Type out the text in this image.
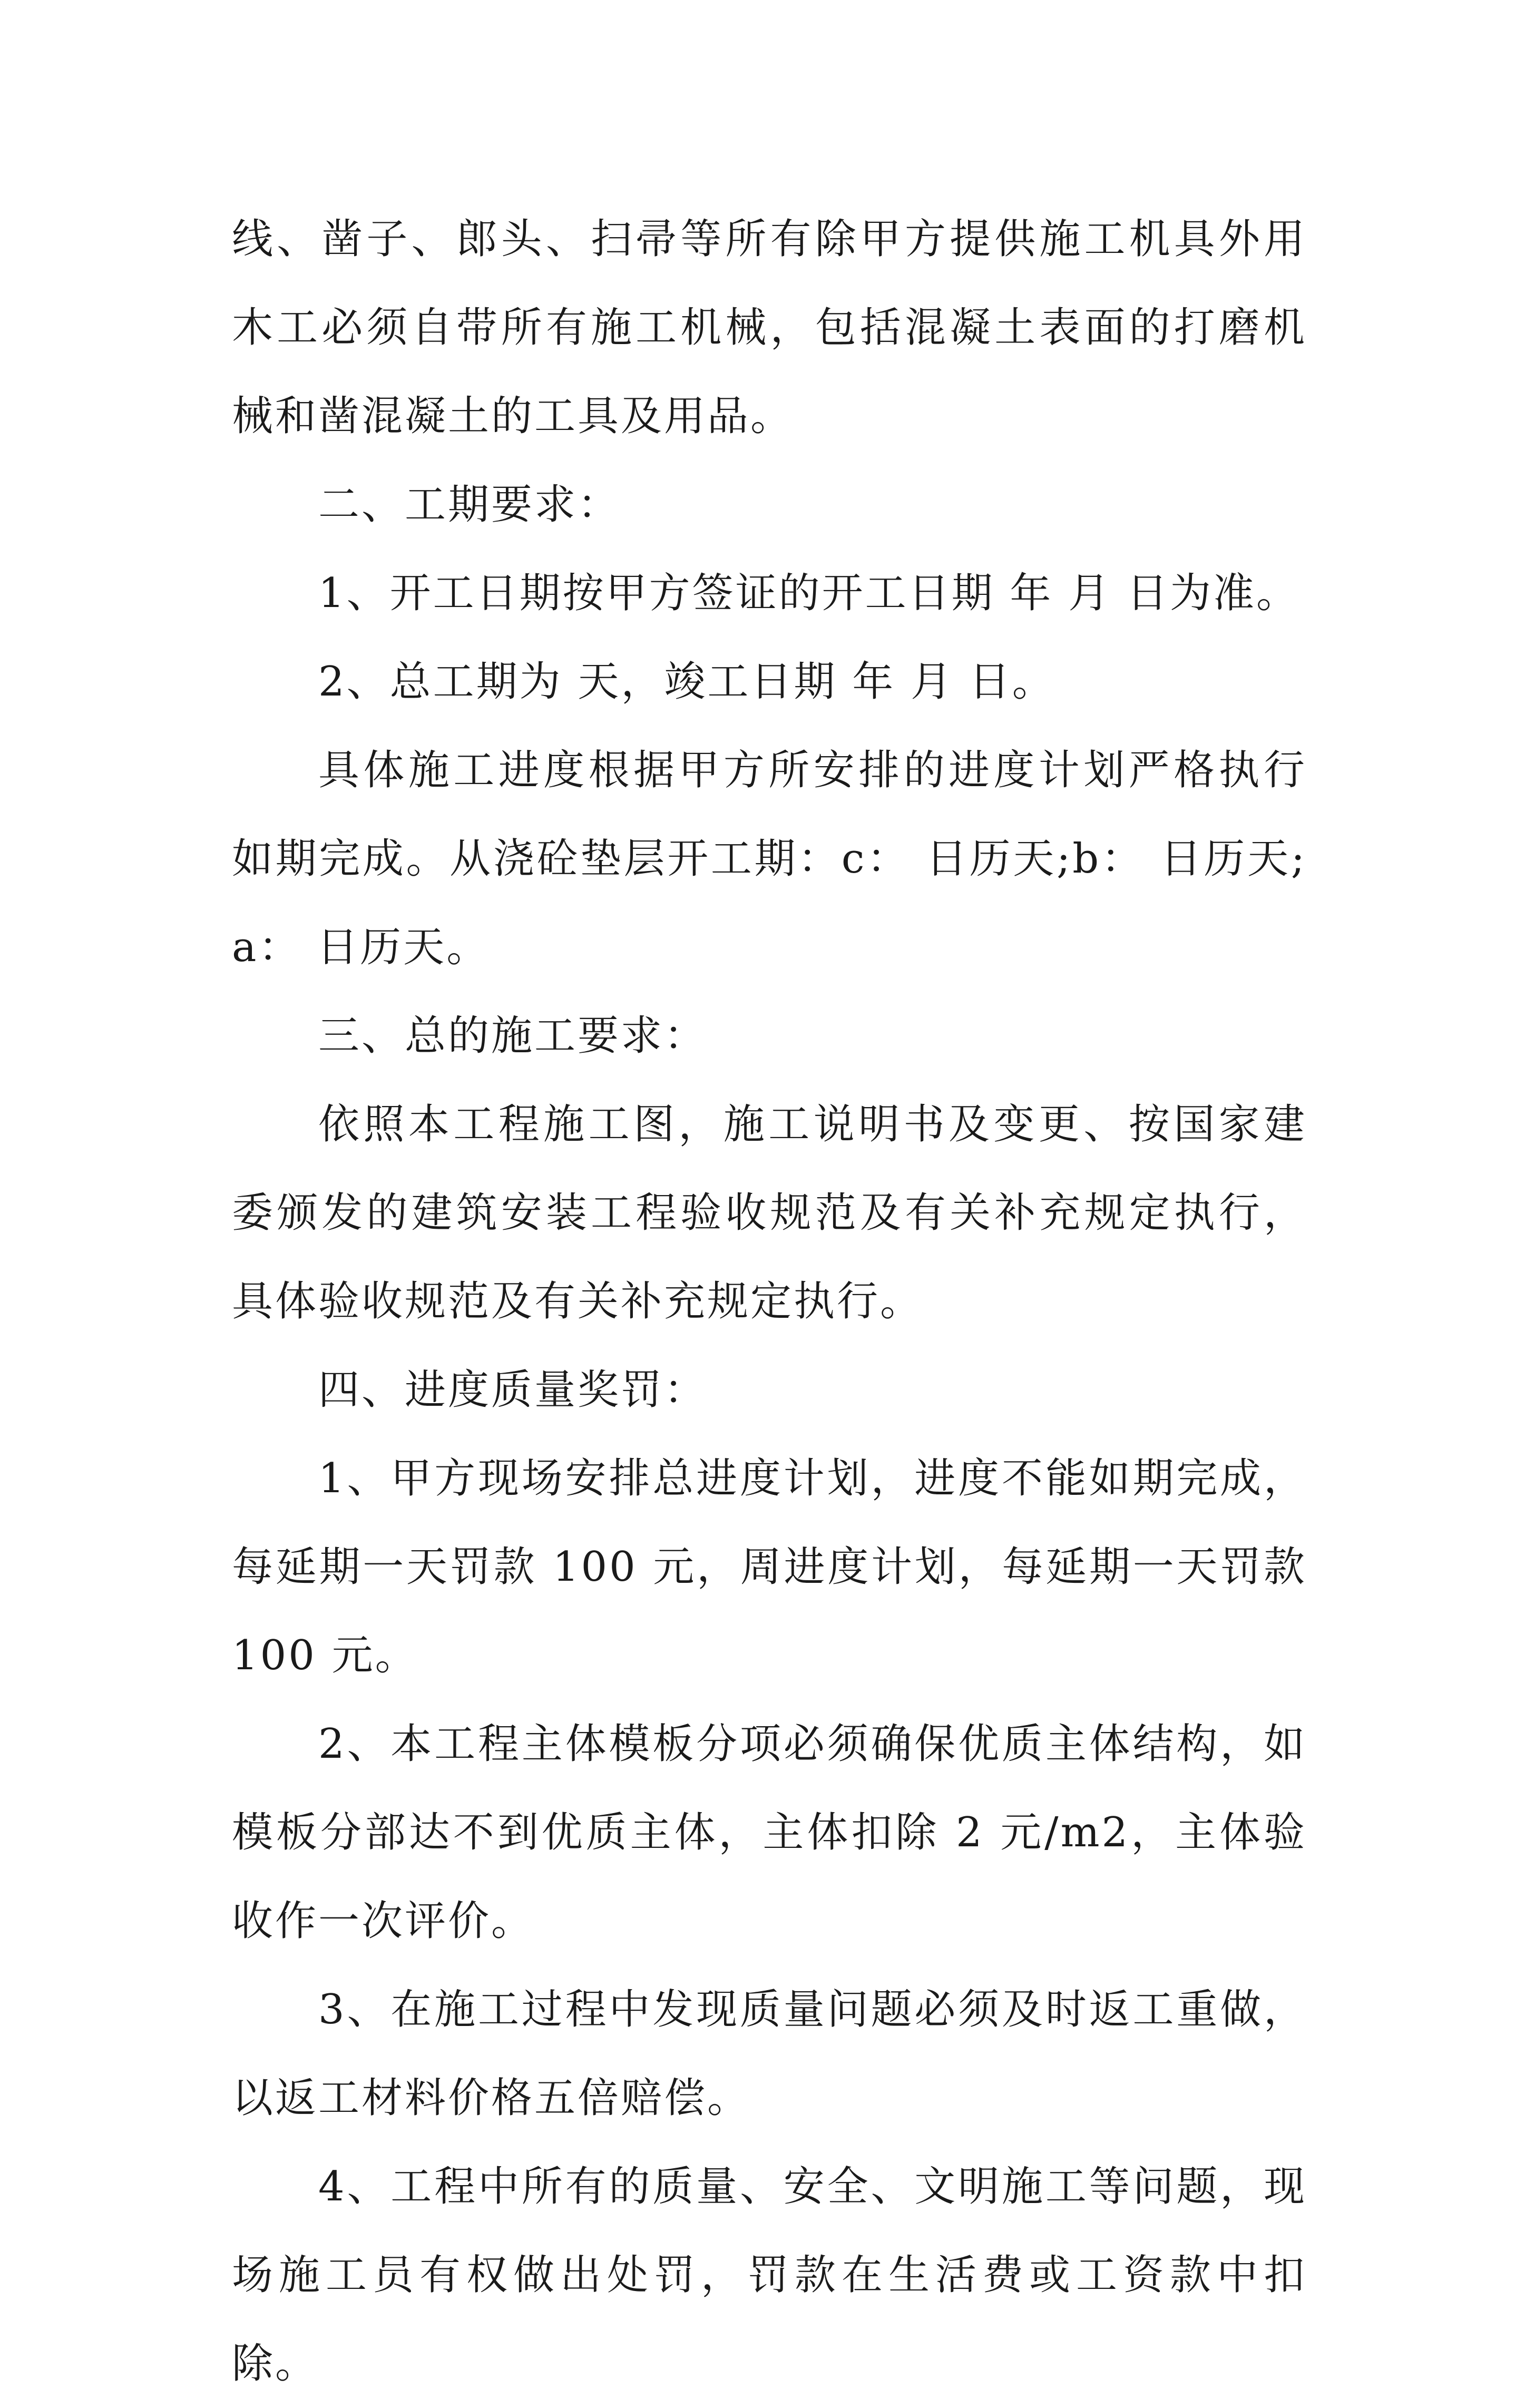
线、凿子、郎头、扫帚等所有除甲方提供施工机具外用木工必须自带所有施工机械，包括混凝土表面的打磨机械和凿混凝土的工具及用品。

二、工期要求：

1、开工日期按甲方签证的开工日期 年 月 日为准。

2、总工期为 天，竣工日期 年 月 日。

具体施工进度根据甲方所安排的进度计划严格执行如期完成。从浇砼垫层开工期：c： 日历天;b： 日历天;a： 日历天。

三、总的施工要求：

依照本工程施工图，施工说明书及变更、按国家建委颁发的建筑安装工程验收规范及有关补充规定执行，具体验收规范及有关补充规定执行。

四、进度质量奖罚：

1、甲方现场安排总进度计划，进度不能如期完成，每延期一天罚款 100 元，周进度计划，每延期一天罚款 100 元。

2、本工程主体模板分项必须确保优质主体结构，如模板分部达不到优质主体，主体扣除 2 元/m2，主体验收作一次评价。

3、在施工过程中发现质量问题必须及时返工重做，以返工材料价格五倍赔偿。

4、工程中所有的质量、安全、文明施工等问题，现场施工员有权做出处罚，罚款在生活费或工资款中扣除。
